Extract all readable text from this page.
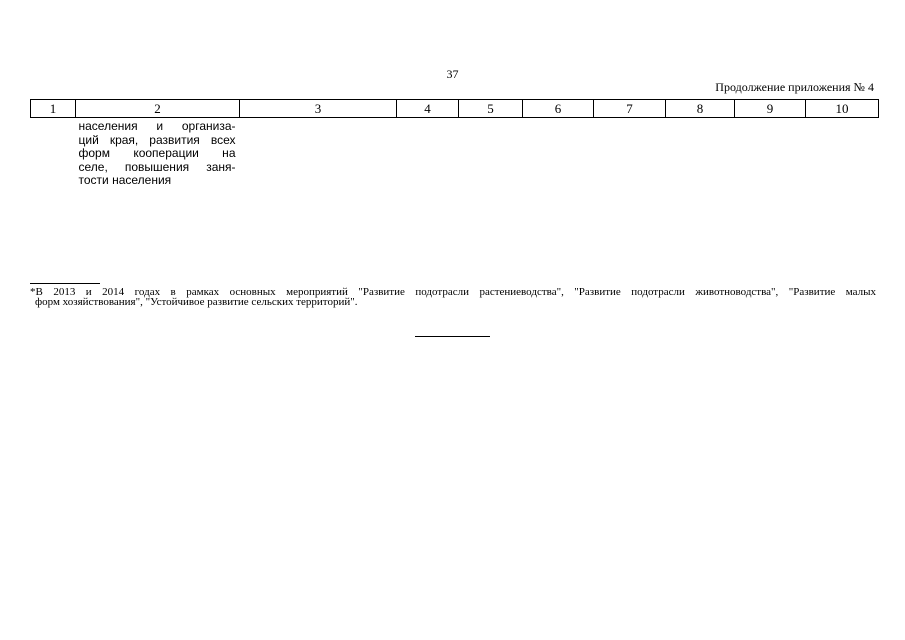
37
Продолжение приложения № 4
1	2	3	4	5	6	7	8	9	10

	населения и организа-
ций края, развития всех
форм кооперации на
селе, повышения заня-
тости населения								

*В 2013 и 2014 годах в рамках основных мероприятий "Развитие подотрасли растениеводства", "Развитие подотрасли животноводства", "Развитие малых
форм хозяйствования", "Устойчивое развитие сельских территорий".
